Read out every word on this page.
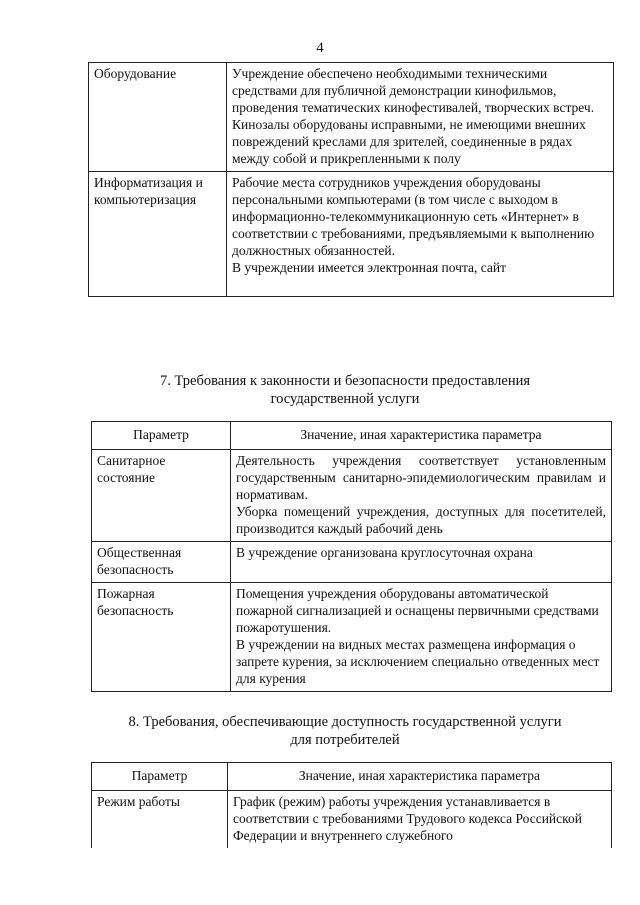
4
Оборудование	Учреждение обеспечено необходимыми техническими средствами для публичной демонстрации кинофильмов, проведения тематических кинофестивалей, творческих встреч.

Кинозалы оборудованы исправными, не имеющими внешних повреждений креслами для зрителей, соединенные в рядах между собой и прикрепленными к полу

Информатизация и компьютеризация	Рабочие места сотрудников учреждения оборудованы персональными компьютерами (в том числе с выходом в информационно-телекоммуникационную сеть «Интернет» в соответствии с требованиями, предъявляемыми к выполнению должностных обязанностей.

В учреждении имеется электронная почта, сайт

7. Требования к законности и безопасности предоставления
государственной услуги
Параметр	Значение, иная характеристика параметра
Санитарное состояние	Деятельность учреждения соответствует установленным государственным санитарно-эпидемиологическим правилам и нормативам.

Уборка помещений учреждения, доступных для посетителей, производится каждый рабочий день

Общественная безопасность	В учреждение организована круглосуточная охрана

Пожарная безопасность	Помещения учреждения оборудованы автоматической пожарной сигнализацией и оснащены первичными средствами пожаротушения.

В учреждении на видных местах размещена информация о запрете курения, за исключением специально отведенных мест для курения

8. Требования, обеспечивающие доступность государственной услуги
для потребителей
Параметр	Значение, иная характеристика параметра
Режим работы	График (режим) работы учреждения устанавливается в соответствии с требованиями Трудового кодекса Российской Федерации и внутреннего служебного
